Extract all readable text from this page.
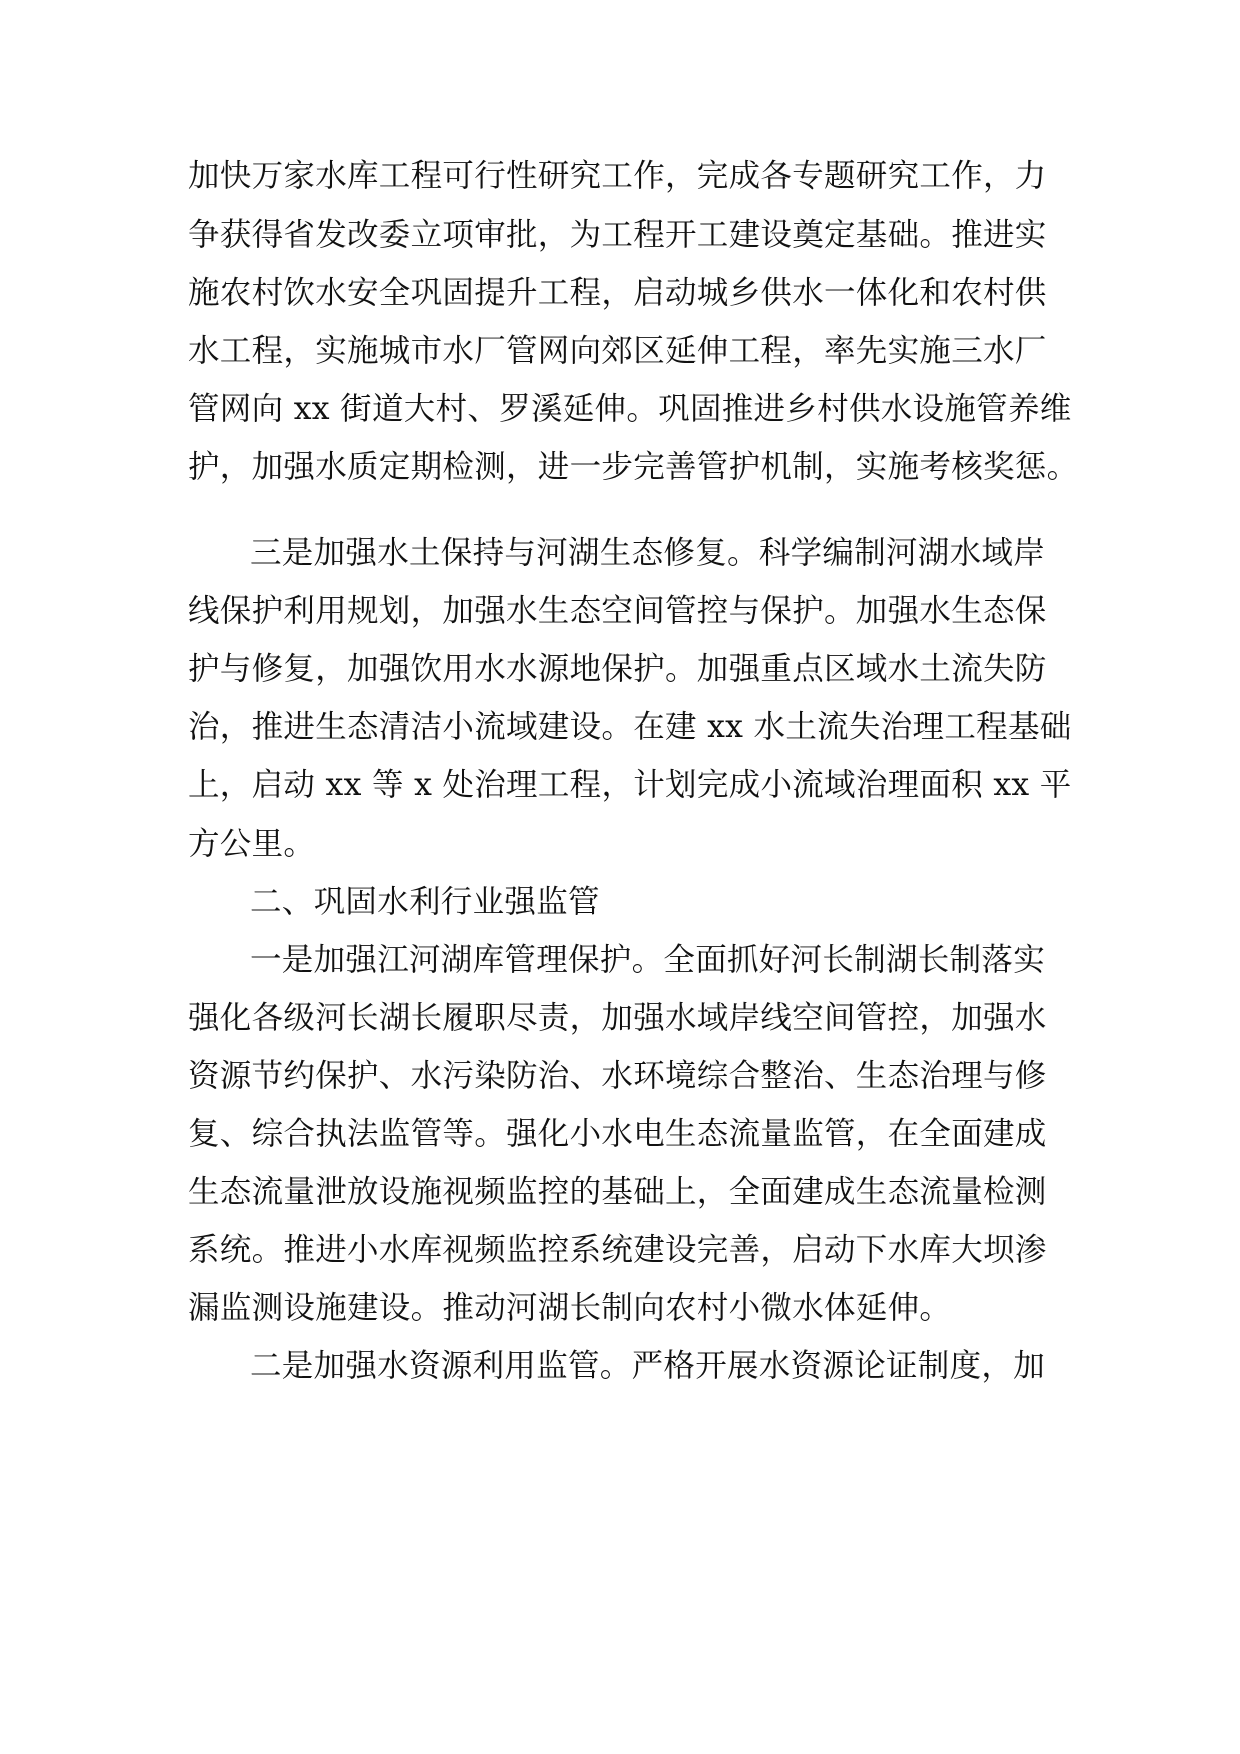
加快万家水库工程可行性研究工作，完成各专题研究工作，力
争获得省发改委立项审批，为工程开工建设奠定基础。推进实
施农村饮水安全巩固提升工程，启动城乡供水一体化和农村供
水工程，实施城市水厂管网向郊区延伸工程，率先实施三水厂
管网向 xx 街道大村、罗溪延伸。巩固推进乡村供水设施管养维
护，加强水质定期检测，进一步完善管护机制，实施考核奖惩。
三是加强水土保持与河湖生态修复。科学编制河湖水域岸
线保护利用规划，加强水生态空间管控与保护。加强水生态保
护与修复，加强饮用水水源地保护。加强重点区域水土流失防
治，推进生态清洁小流域建设。在建 xx 水土流失治理工程基础
上，启动 xx 等 x 处治理工程，计划完成小流域治理面积 xx 平
方公里。
二、巩固水利行业强监管
一是加强江河湖库管理保护。全面抓好河长制湖长制落实
强化各级河长湖长履职尽责，加强水域岸线空间管控，加强水
资源节约保护、水污染防治、水环境综合整治、生态治理与修
复、综合执法监管等。强化小水电生态流量监管，在全面建成
生态流量泄放设施视频监控的基础上，全面建成生态流量检测
系统。推进小水库视频监控系统建设完善，启动下水库大坝渗
漏监测设施建设。推动河湖长制向农村小微水体延伸。
二是加强水资源利用监管。严格开展水资源论证制度，加
